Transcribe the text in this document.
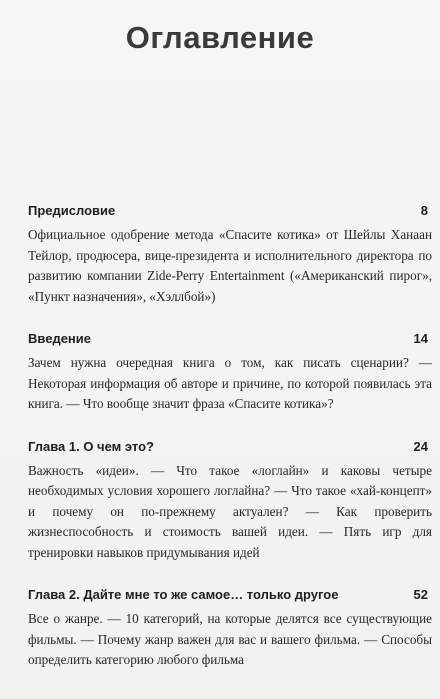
Оглавление
Предисловие	8
Официальное одобрение метода «Спасите котика» от Шейлы Ханаан Тейлор, продюсера, вице-президента и исполнительного директора по развитию компании Zide-Perry Entertainment («Американский пирог», «Пункт назначения», «Хэллбой»)
Введение	14
Зачем нужна очередная книга о том, как писать сценарии? — Некоторая информация об авторе и причине, по которой появилась эта книга. — Что вообще значит фраза «Спасите котика»?
Глава 1. О чем это?	24
Важность «идеи». — Что такое «логлайн» и каковы четыре необходимых условия хорошего логлайна? — Что такое «хай-концепт» и почему он по-прежнему актуален? — Как проверить жизнеспособность и стоимость вашей идеи. — Пять игр для тренировки навыков придумывания идей
Глава 2. Дайте мне то же самое… только другое	52
Все о жанре. — 10 категорий, на которые делятся все существующие фильмы. — Почему жанр важен для вас и вашего фильма. — Способы определить категорию любого фильма
